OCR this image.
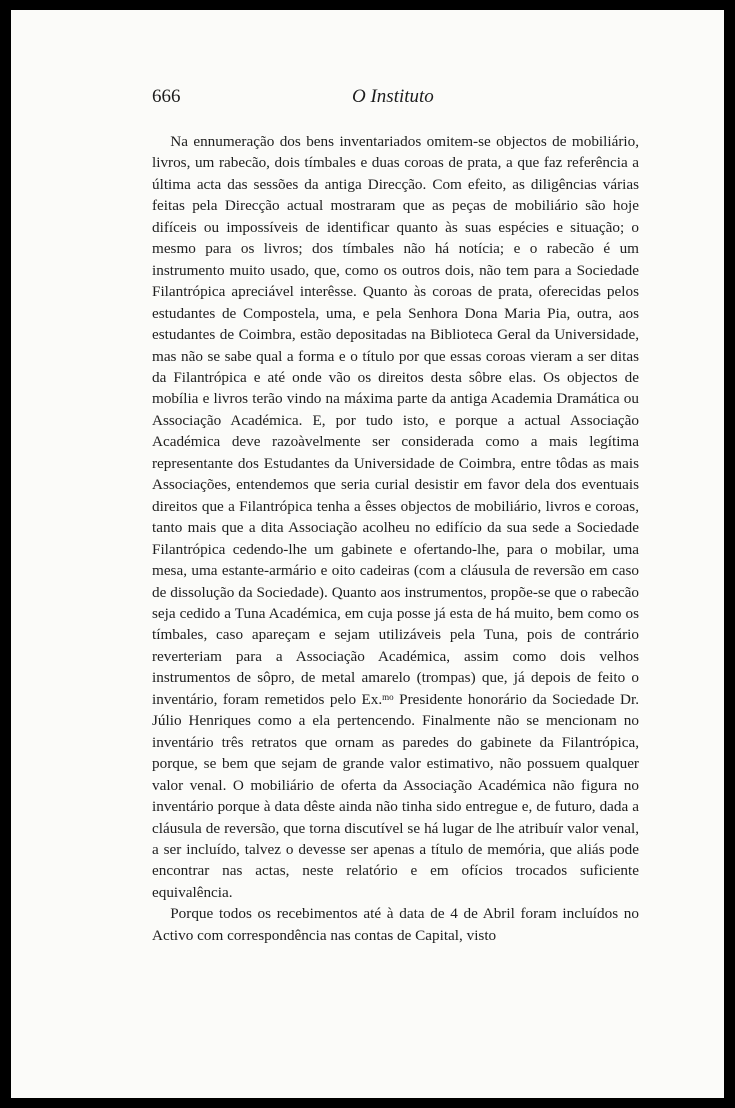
666	O Instituto

Na ennumeração dos bens inventariados omitem-se objectos de mobiliário, livros, um rabecão, dois tímbales e duas coroas de prata, a que faz referência a última acta das sessões da antiga Direcção. Com efeito, as diligências várias feitas pela Direcção actual mostraram que as peças de mobiliário são hoje difíceis ou impossíveis de identificar quanto às suas espécies e situação; o mesmo para os livros; dos tímbales não há notícia; e o rabecão é um instrumento muito usado, que, como os outros dois, não tem para a Sociedade Filantrópica apreciável interêsse. Quanto às coroas de prata, oferecidas pelos estudantes de Compostela, uma, e pela Senhora Dona Maria Pia, outra, aos estudantes de Coimbra, estão depositadas na Biblioteca Geral da Universidade, mas não se sabe qual a forma e o título por que essas coroas vieram a ser ditas da Filantrópica e até onde vão os direitos desta sôbre elas. Os objectos de mobília e livros terão vindo na máxima parte da antiga Academia Dramática ou Associação Académica. E, por tudo isto, e porque a actual Associação Académica deve razoàvelmente ser considerada como a mais legítima representante dos Estudantes da Universidade de Coimbra, entre tôdas as mais Associações, entendemos que seria curial desistir em favor dela dos eventuais direitos que a Filantrópica tenha a êsses objectos de mobiliário, livros e coroas, tanto mais que a dita Associação acolheu no edifício da sua sede a Sociedade Filantrópica cedendo-lhe um gabinete e ofertando-lhe, para o mobilar, uma mesa, uma estante-armário e oito cadeiras (com a cláusula de reversão em caso de dissolução da Sociedade). Quanto aos instrumentos, propõe-se que o rabecão seja cedido a Tuna Académica, em cuja posse já esta de há muito, bem como os tímbales, caso apareçam e sejam utilizáveis pela Tuna, pois de contrário reverteriam para a Associação Académica, assim como dois velhos instrumentos de sôpro, de metal amarelo (trompas) que, já depois de feito o inventário, foram remetidos pelo Ex.$^{mo}$ Presidente honorário da Sociedade Dr. Júlio Henriques como a ela pertencendo. Finalmente não se mencionam no inventário três retratos que ornam as paredes do gabinete da Filantrópica, porque, se bem que sejam de grande valor estimativo, não possuem qualquer valor venal. O mobiliário de oferta da Associação Académica não figura no inventário porque à data dêste ainda não tinha sido entregue e, de futuro, dada a cláusula de reversão, que torna discutível se há lugar de lhe atribuír valor venal, a ser incluído, talvez o devesse ser apenas a título de memória, que aliás pode encontrar nas actas, neste relatório e em ofícios trocados suficiente equivalência.

Porque todos os recebimentos até à data de 4 de Abril foram incluídos no Activo com correspondência nas contas de Capital, visto
